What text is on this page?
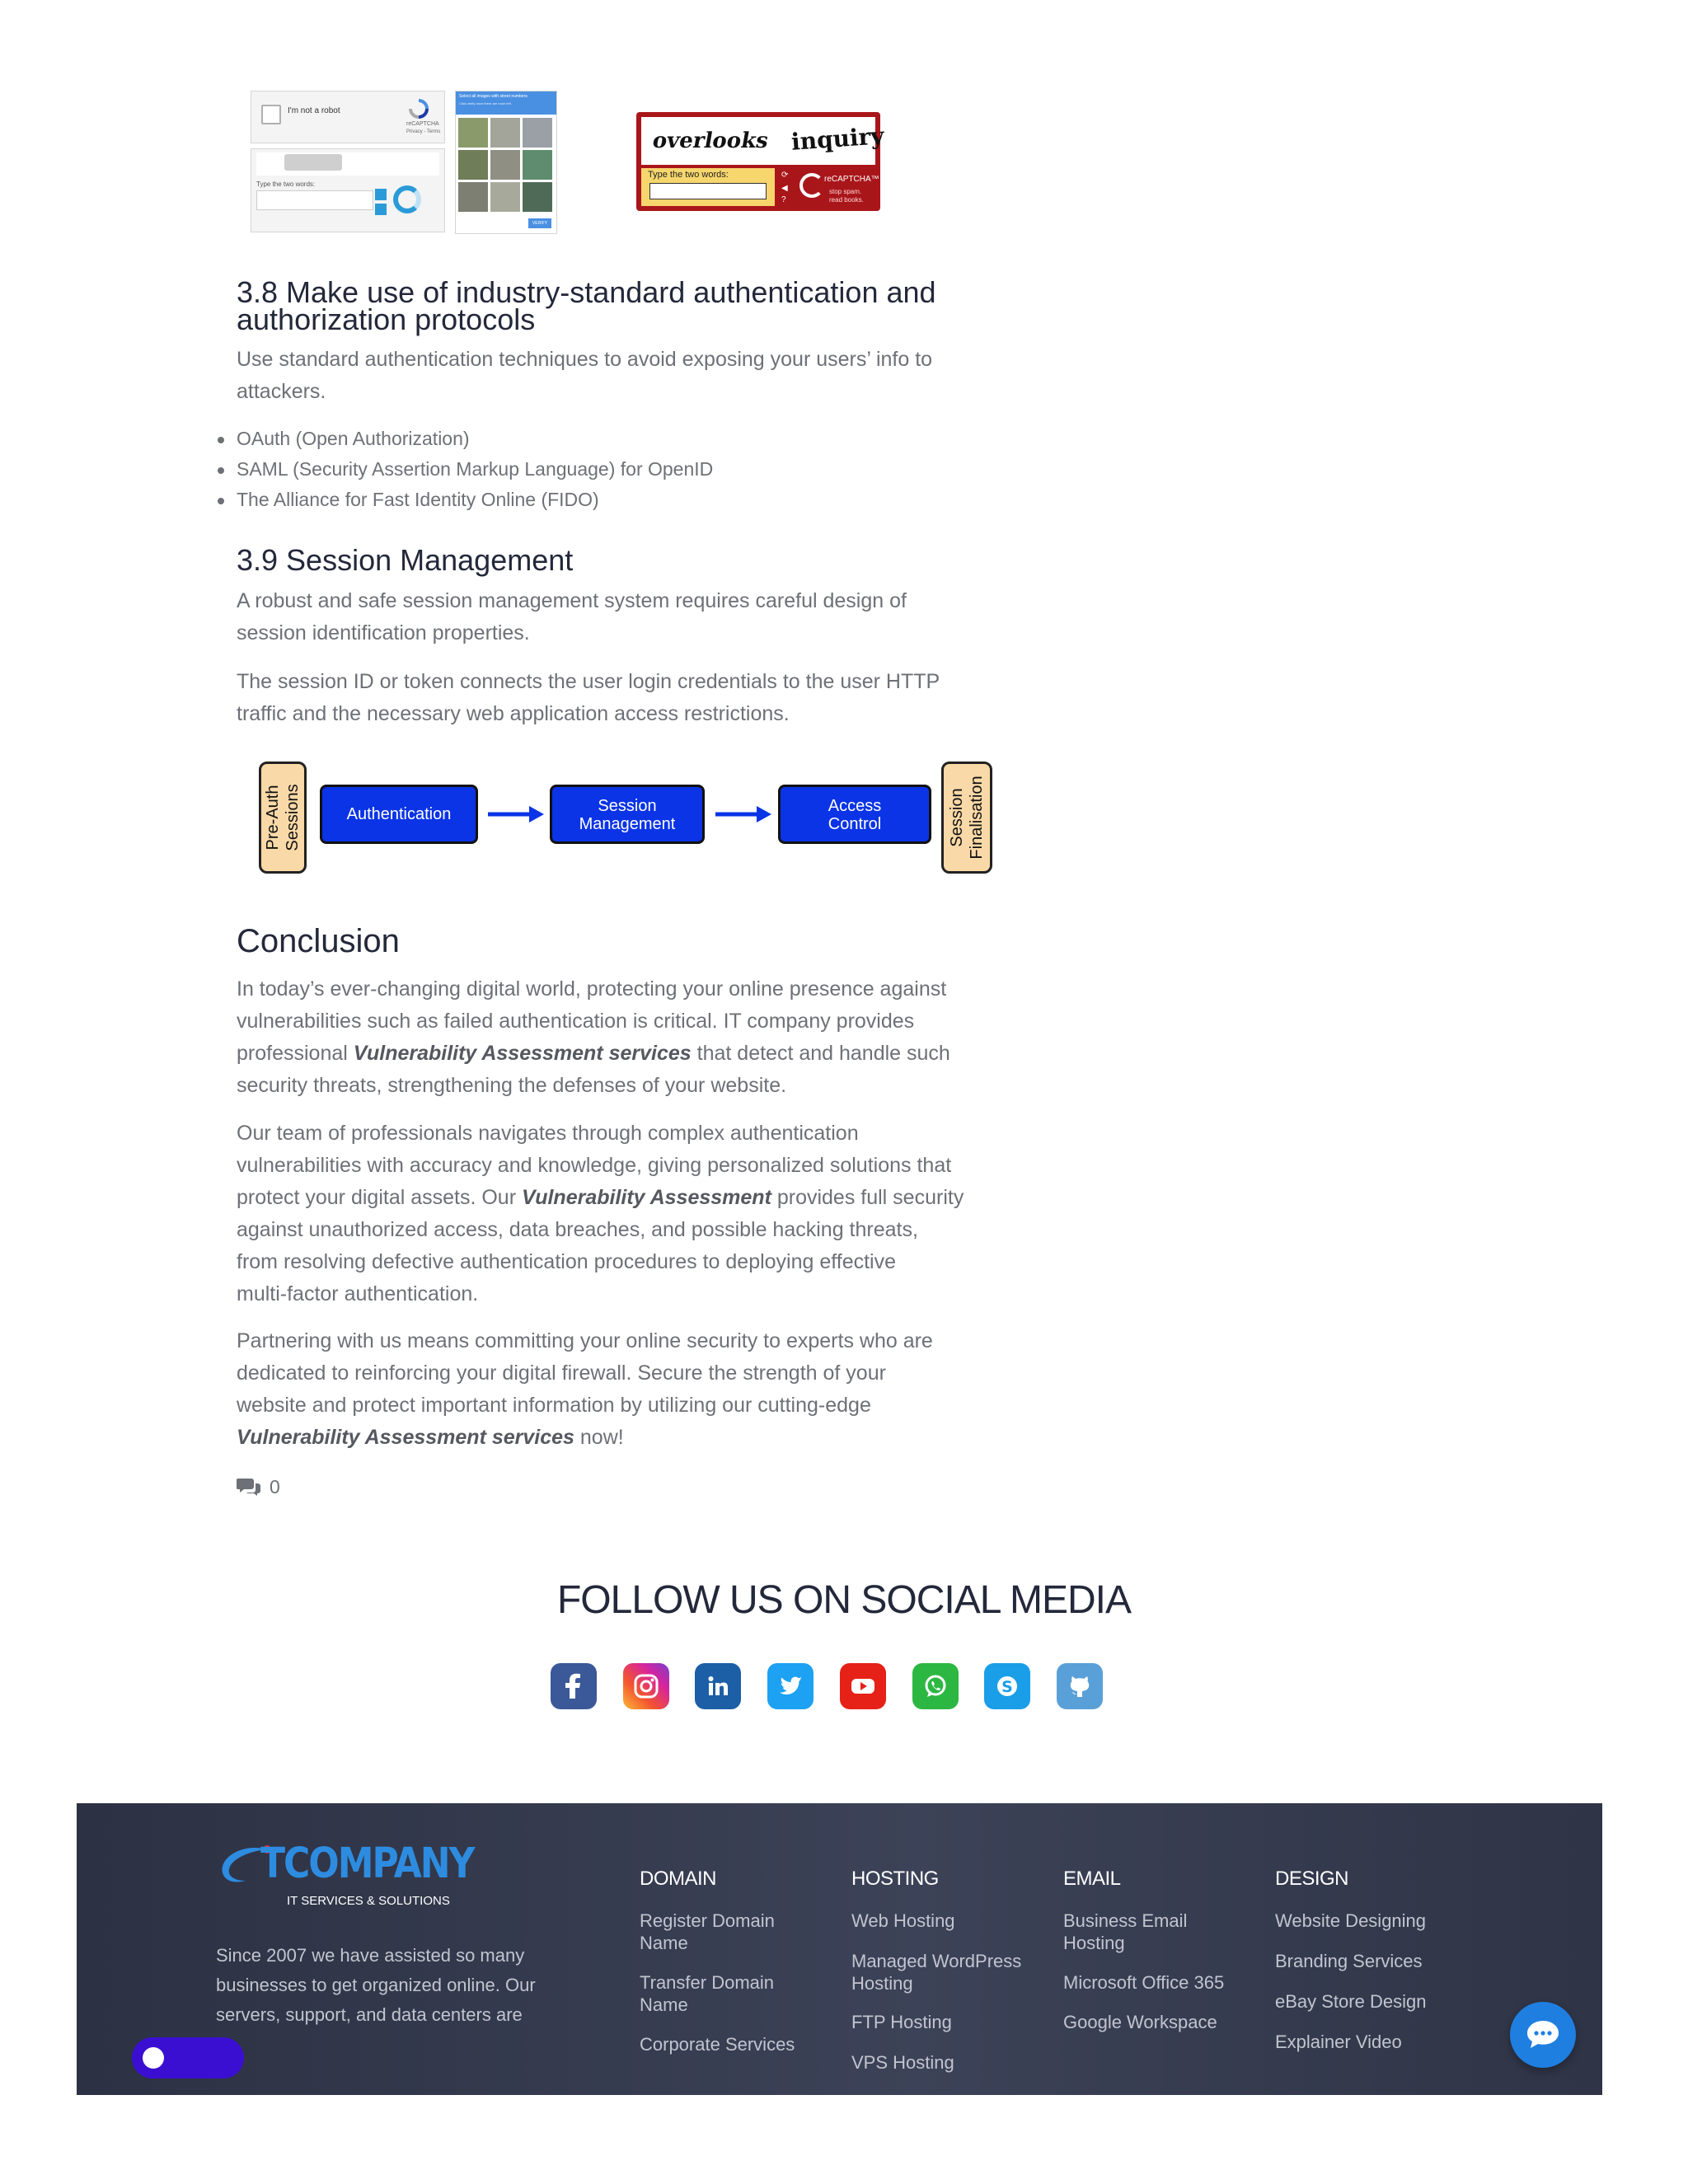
I'm not a robot
reCAPTCHA
Privacy - Terms
Type the two words:
Select all images with street numbers
Click verify once there are none left.
VERIFY
overlooks inquiry
Type the two words:	⟳
◀
?
reCAPTCHA™
stop spam.
read books.
3.8 Make use of industry-standard authentication and
authorization protocols
Use standard authentication techniques to avoid exposing your users’ info to
attackers.
OAuth (Open Authorization)
SAML (Security Assertion Markup Language) for OpenID
The Alliance for Fast Identity Online (FIDO)
3.9 Session Management
A robust and safe session management system requires careful design of
session identification properties.
The session ID or token connects the user login credentials to the user HTTP
traffic and the necessary web application access restrictions.
Pre-Auth Sessions	Authentication	Session
Management
Access
Control	Session Finalisation
Conclusion
In today’s ever-changing digital world, protecting your online presence against
vulnerabilities such as failed authentication is critical. IT company provides
professional Vulnerability Assessment services that detect and handle such
security threats, strengthening the defenses of your website.
Our team of professionals navigates through complex authentication
vulnerabilities with accuracy and knowledge, giving personalized solutions that
protect your digital assets. Our Vulnerability Assessment provides full security
against unauthorized access, data breaches, and possible hacking threats,
from resolving defective authentication procedures to deploying effective
multi-factor authentication.
Partnering with us means committing your online security to experts who are
dedicated to reinforcing your digital firewall. Secure the strength of your
website and protect important information by utilizing our cutting-edge
Vulnerability Assessment services now!
0
FOLLOW US ON SOCIAL MEDIA
S
TCOMPANY
IT SERVICES & SOLUTIONS
Since 2007 we have assisted so many
businesses to get organized online. Our
servers, support, and data centers are
DOMAIN
Register Domain
Name
Transfer Domain
Name
Corporate Services
HOSTING
Web Hosting
Managed WordPress
Hosting
FTP Hosting
VPS Hosting
EMAIL
Business Email
Hosting
Microsoft Office 365
Google Workspace
DESIGN
Website Designing
Branding Services
eBay Store Design
Explainer Video
